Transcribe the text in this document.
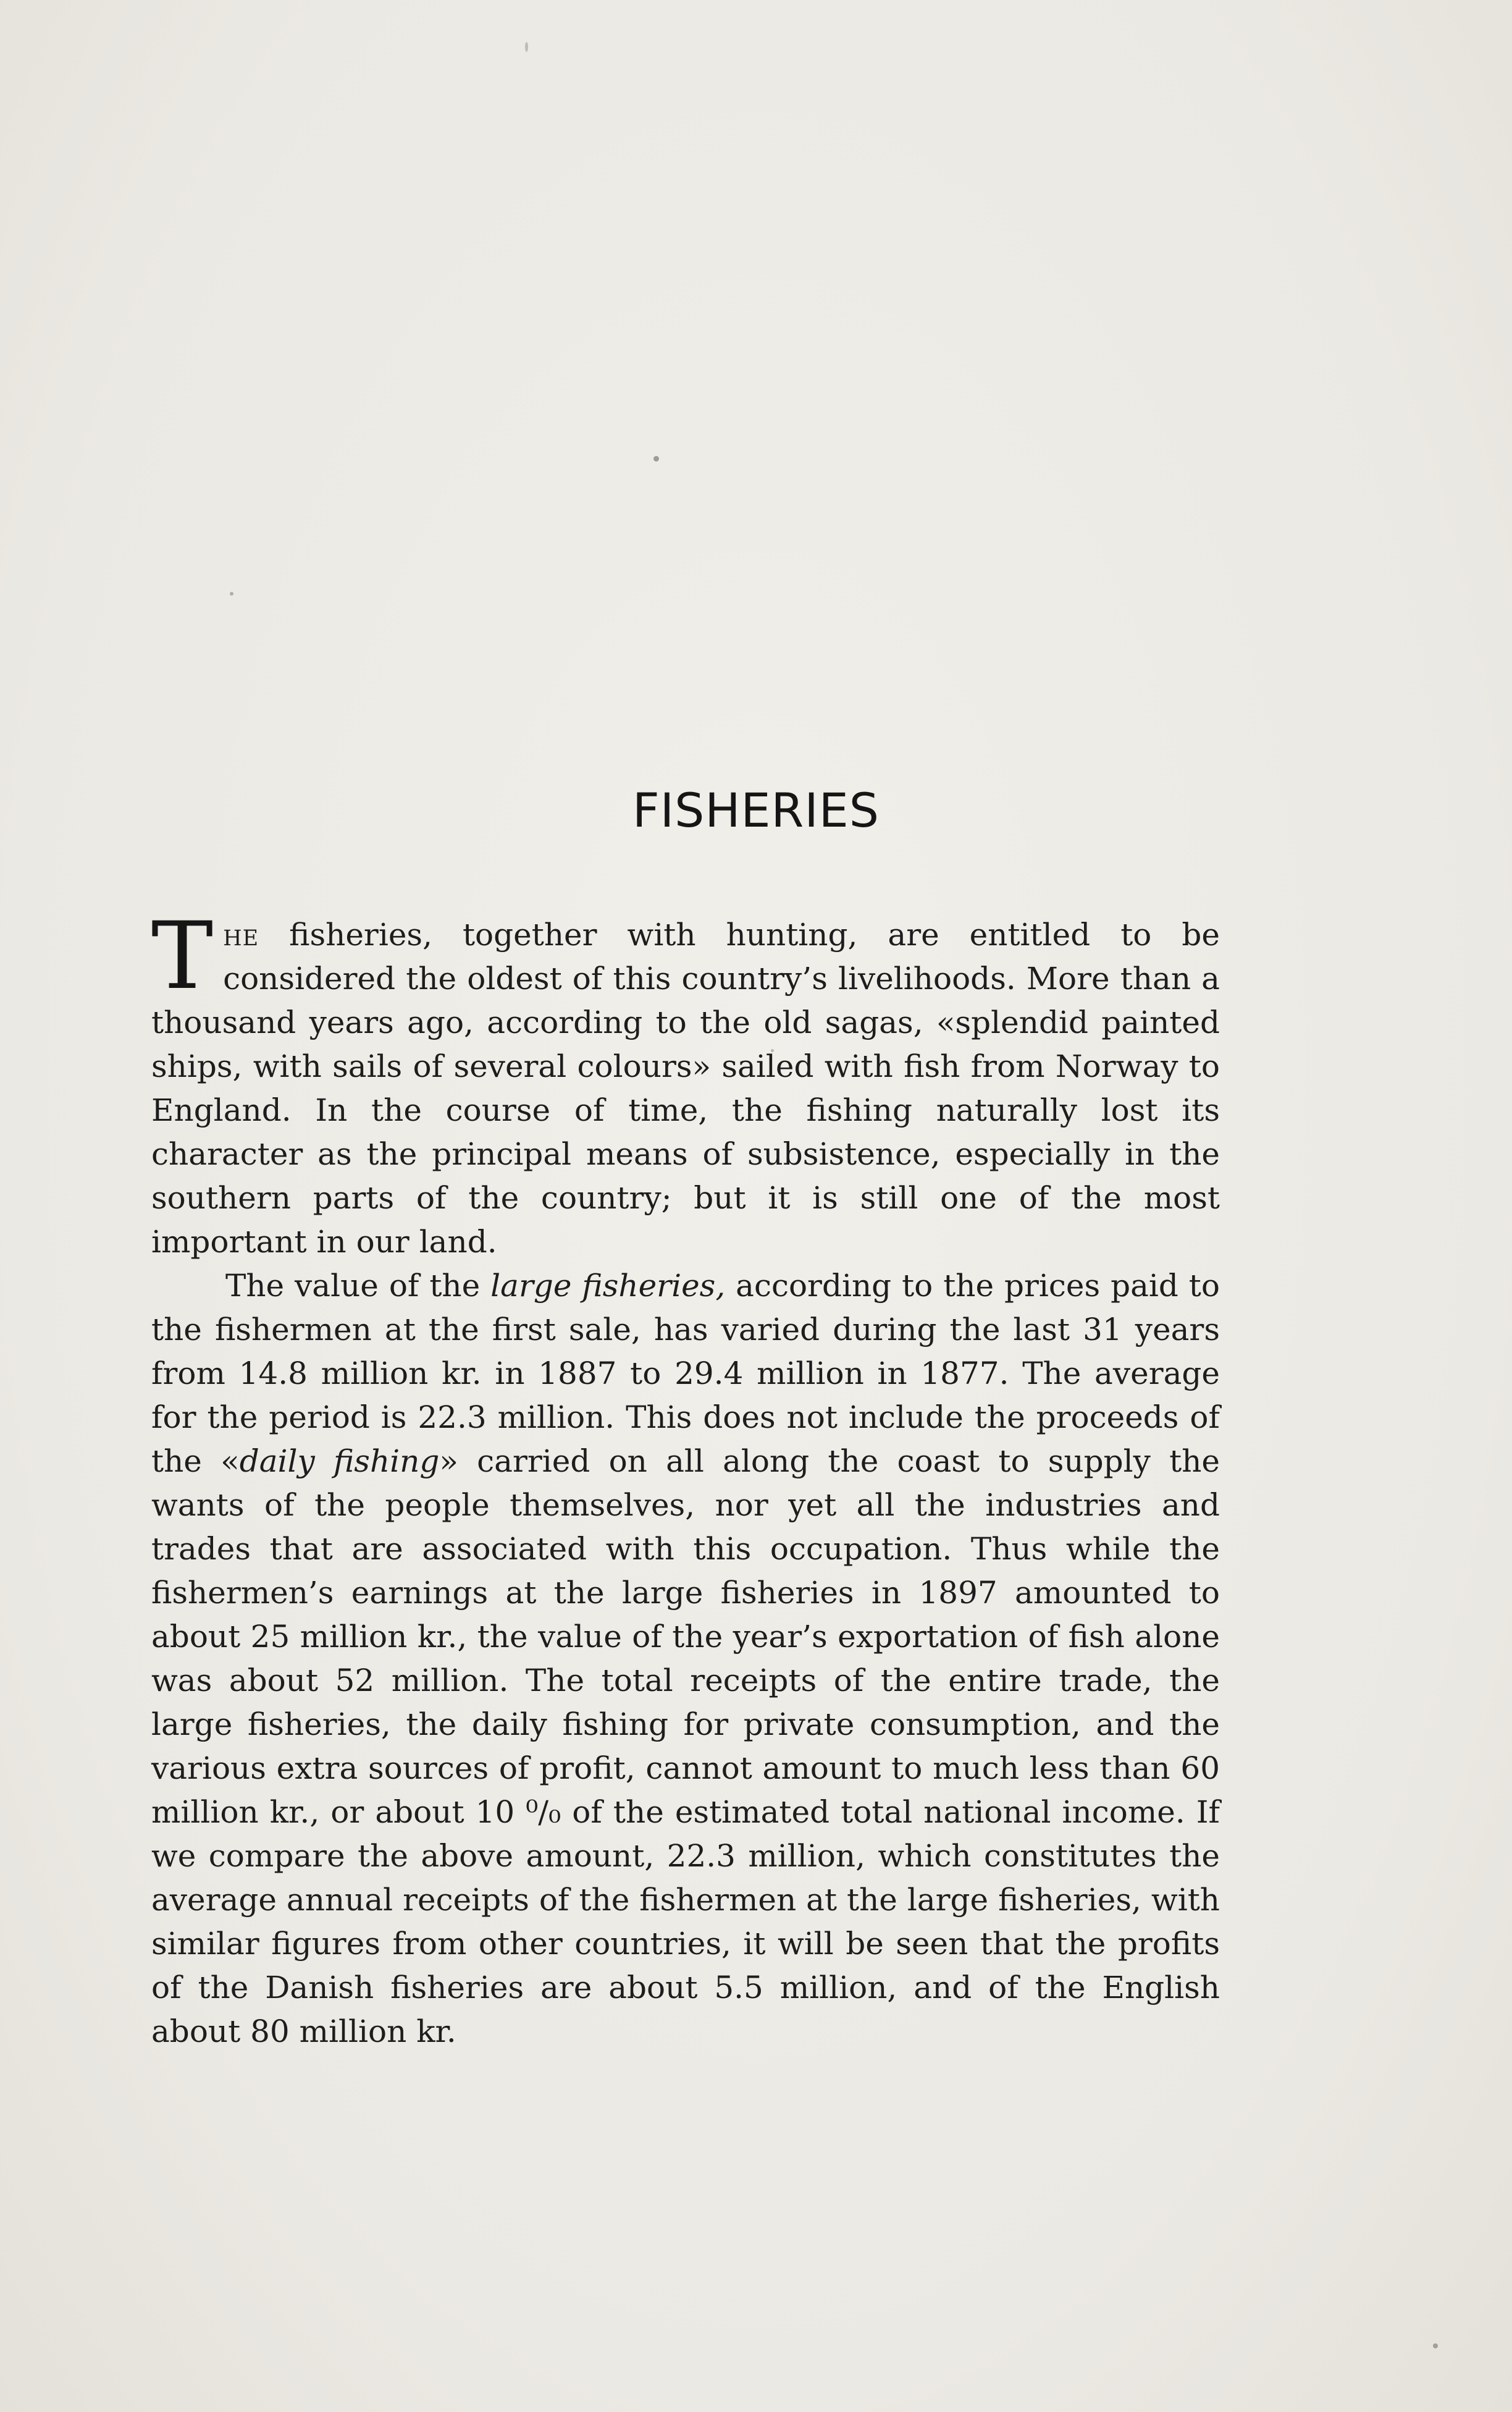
FISHERIES

The fisheries, together with hunting, are entitled to be considered the oldest of this country’s livelihoods. More than a thousand years ago, according to the old sagas, «splendid painted ships, with sails of several colours» sailed with fish from Norway to England. In the course of time, the fishing naturally lost its character as the principal means of subsistence, especially in the southern parts of the country; but it is still one of the most important in our land.

The value of the large fisheries, according to the prices paid to the fishermen at the first sale, has varied during the last 31 years from 14.8 million kr. in 1887 to 29.4 million in 1877. The average for the period is 22.3 million. This does not include the proceeds of the «daily fishing» carried on all along the coast to supply the wants of the people themselves, nor yet all the industries and trades that are associated with this occupation. Thus while the fishermen’s earnings at the large fisheries in 1897 amounted to about 25 million kr., the value of the year’s exportation of fish alone was about 52 million. The total receipts of the entire trade, the large fisheries, the daily fishing for private consumption, and the various extra sources of profit, cannot amount to much less than 60 million kr., or about 10 ⁰/₀ of the estimated total national income. If we compare the above amount, 22.3 million, which constitutes the average annual receipts of the fishermen at the large fisheries, with similar figures from other countries, it will be seen that the profits of the Danish fisheries are about 5.5 million, and of the English about 80 million kr.
